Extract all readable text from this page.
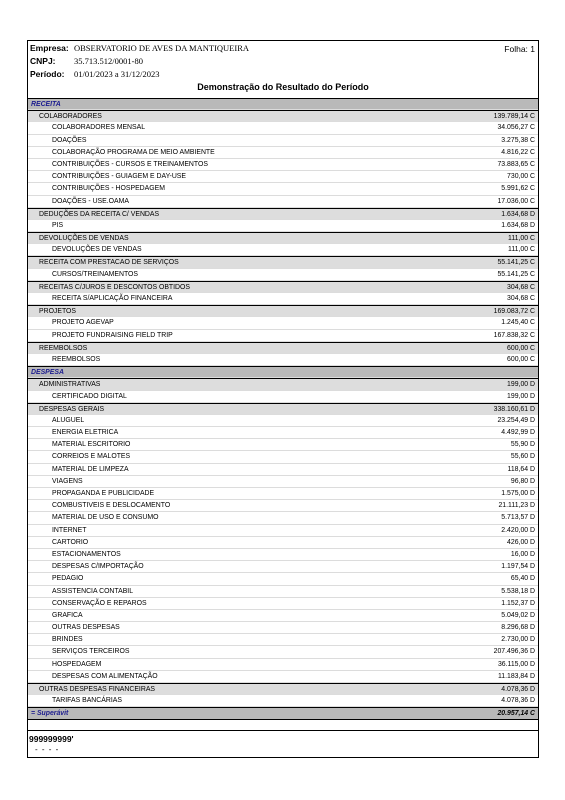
Empresa: OBSERVATORIO DE AVES DA MANTIQUEIRA	Folha: 1
CNPJ: 35.713.512/0001-80
Período: 01/01/2023 a 31/12/2023
Demonstração do Resultado do Período
RECEITA
COLABORADORES	139.789,14 C
COLABORADORES MENSAL	34.056,27 C
DOAÇÕES	3.275,38 C
COLABORAÇÃO PROGRAMA DE MEIO AMBIENTE	4.816,22 C
CONTRIBUIÇÕES - CURSOS E TREINAMENTOS	73.883,65 C
CONTRIBUIÇÕES - GUIAGEM E DAY-USE	730,00 C
CONTRIBUIÇÕES - HOSPEDAGEM	5.991,62 C
DOAÇÕES - USE.OAMA	17.036,00 C
DEDUÇÕES DA RECEITA C/ VENDAS	1.634,68 D
PIS	1.634,68 D
DEVOLUÇÕES DE VENDAS	111,00 C
DEVOLUÇÕES DE VENDAS	111,00 C
RECEITA COM PRESTACAO DE SERVIÇOS	55.141,25 C
CURSOS/TREINAMENTOS	55.141,25 C
RECEITAS C/JUROS E DESCONTOS OBTIDOS	304,68 C
RECEITA S/APLICAÇÃO FINANCEIRA	304,68 C
PROJETOS	169.083,72 C
PROJETO AGEVAP	1.245,40 C
PROJETO FUNDRAISING FIELD TRIP	167.838,32 C
REEMBOLSOS	600,00 C
REEMBOLSOS	600,00 C
DESPESA
ADMINISTRATIVAS	199,00 D
CERTIFICADO DIGITAL	199,00 D
DESPESAS GERAIS	338.160,61 D
ALUGUEL	23.254,49 D
ENERGIA ELETRICA	4.492,99 D
MATERIAL ESCRITORIO	55,90 D
CORREIOS E MALOTES	55,60 D
MATERIAL DE LIMPEZA	118,64 D
VIAGENS	96,80 D
PROPAGANDA E PUBLICIDADE	1.575,00 D
COMBUSTIVEIS E DESLOCAMENTO	21.111,23 D
MATERIAL DE USO E CONSUMO	5.713,57 D
INTERNET	2.420,00 D
CARTORIO	426,00 D
ESTACIONAMENTOS	16,00 D
DESPESAS C/IMPORTAÇÃO	1.197,54 D
PEDAGIO	65,40 D
ASSISTENCIA CONTABIL	5.538,18 D
CONSERVAÇÃO E REPAROS	1.152,37 D
GRAFICA	5.049,02 D
OUTRAS DESPESAS	8.296,68 D
BRINDES	2.730,00 D
SERVIÇOS TERCEIROS	207.496,36 D
HOSPEDAGEM	36.115,00 D
DESPESAS COM ALIMENTAÇÃO	11.183,84 D
OUTRAS DESPESAS FINANCEIRAS	4.078,36 D
TARIFAS BANCÁRIAS	4.078,36 D
= Superávit	20.957,14 C
999999999'
- - - -
